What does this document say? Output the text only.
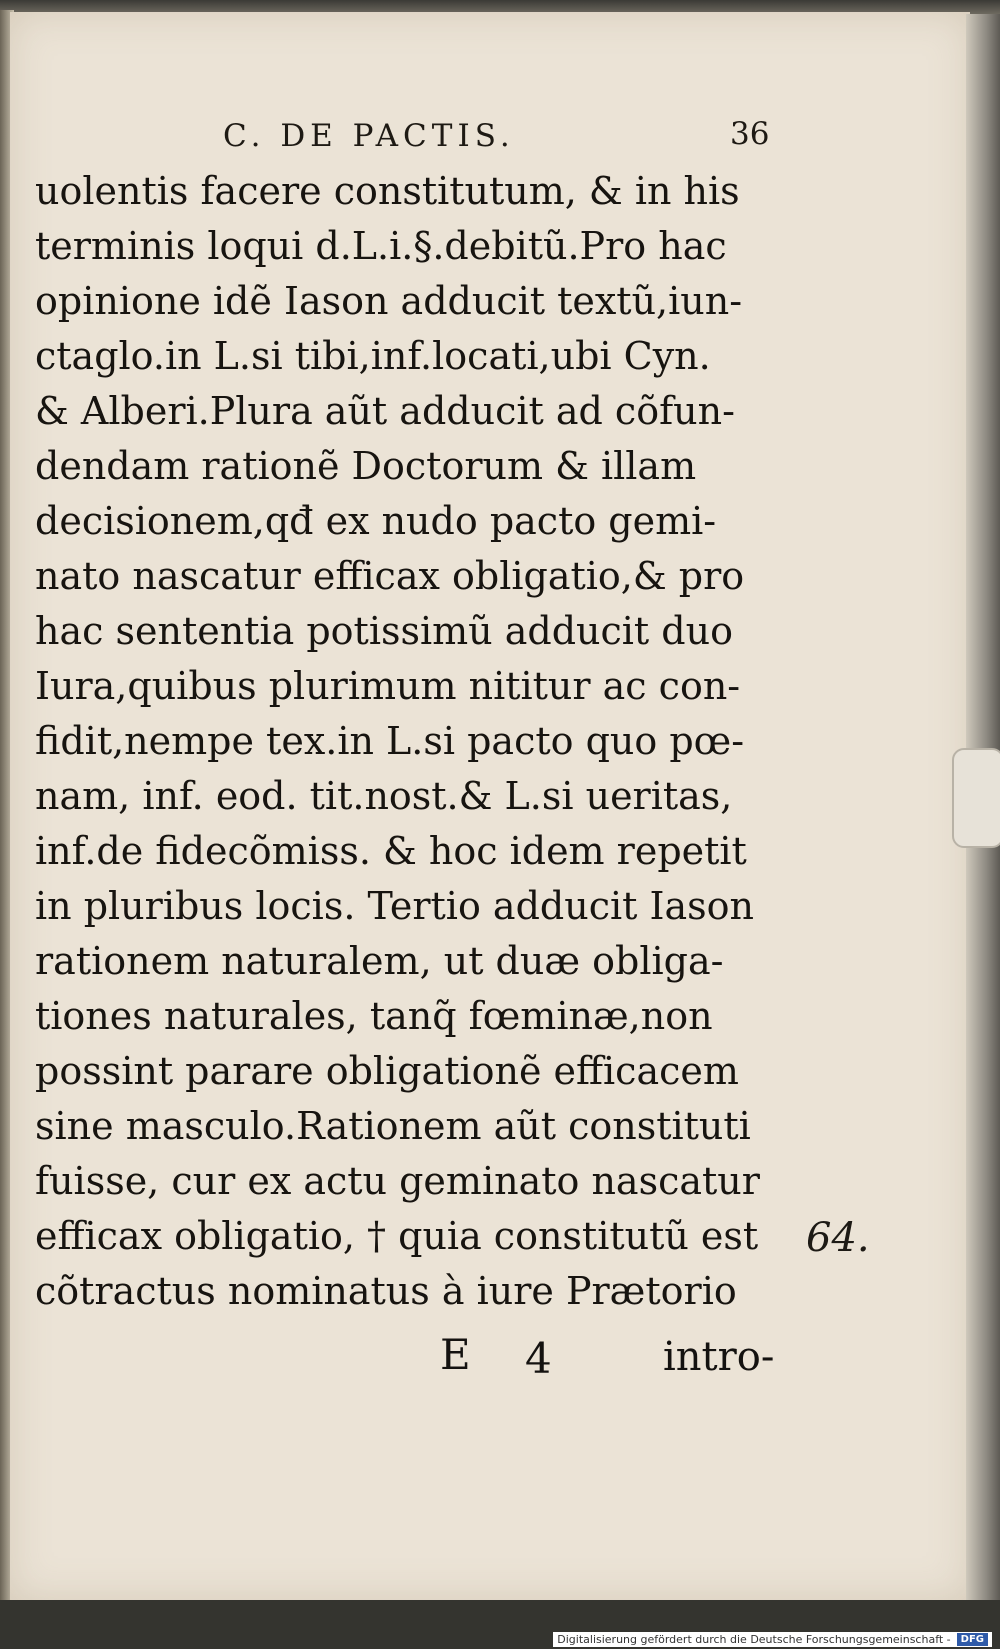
C. DE PACTIS.	36
uolentis facere constitutum, & in his
terminis loqui d.L.i.§.debitũ.Pro hac
opinione idẽ Iason adducit textũ,iun-
ctaglo.in L.si tibi,inf.locati,ubi Cyn.
& Alberi.Plura aũt adducit ad cõfun-
dendam rationẽ Doctorum & illam
decisionem,qđ ex nudo pacto gemi-
nato nascatur efficax obligatio,& pro
hac sententia potissimũ adducit duo
Iura,quibus plurimum nititur ac con-
fidit,nempe tex.in L.si pacto quo pœ-
nam, inf. eod. tit.nost.& L.si ueritas,
inf.de fidecõmiss. & hoc idem repetit
in pluribus locis. Tertio adducit Iason
rationem naturalem, ut duæ obliga-
tiones naturales, tanq̃ fœminæ,non
possint parare obligationẽ efficacem
sine masculo.Rationem aũt constituti
fuisse, cur ex actu geminato nascatur
efficax obligatio, † quia constitutũ est
cõtractus nominatus à iure Prætorio
E 4	intro-
64.
Digitalisierung gefördert durch die Deutsche Forschungsgemeinschaft -	DFG
